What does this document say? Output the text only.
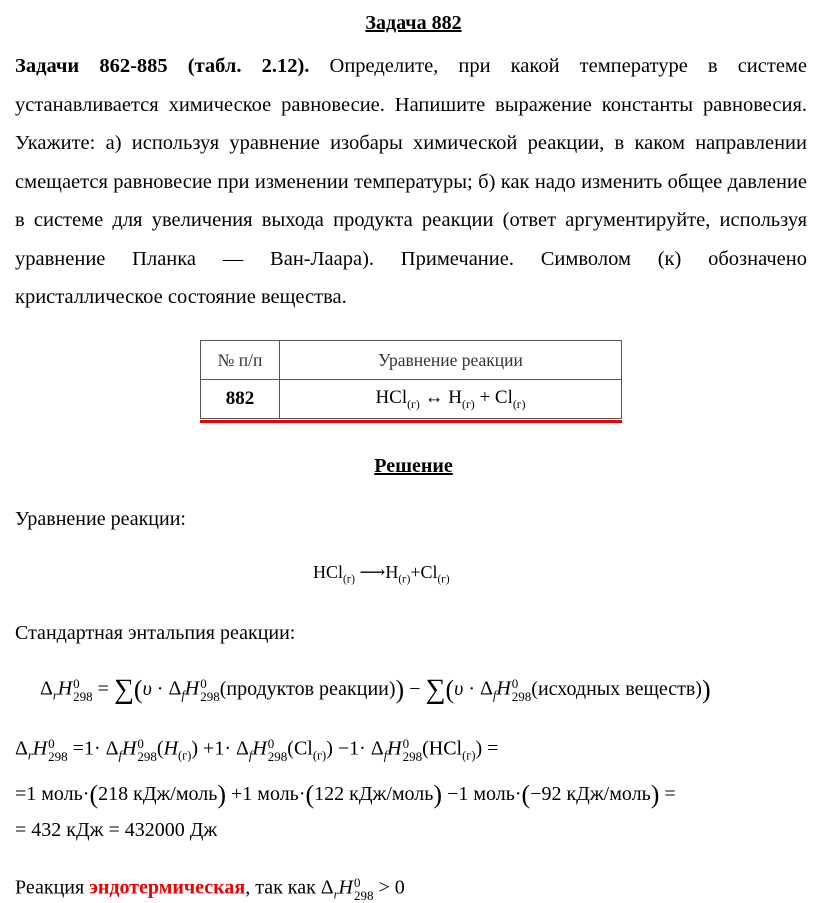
Задача 882
Задачи 862-885 (табл. 2.12). Определите, при какой температуре в системе устанавливается химическое равновесие. Напишите выражение константы равновесия. Укажите: а) используя уравнение изобары химической реакции, в каком направлении смещается равновесие при изменении температуры; б) как надо изменить общее давление в системе для увеличения выхода продукта реакции (ответ аргументируйте, используя уравнение Планка — Ван-Лаара). Примечание. Символом (к) обозначено кристаллическое состояние вещества.
№ п/п	Уравнение реакции
882	HCl$_{(г)}$ ↔ $H_{(г)} + Cl_{(г)}$
Решение
Уравнение реакции:
HCl$_{(г)}$ $⟶H_{(г)}+Cl_{(г)}$
Стандартная энтальпия реакции:
$\Delta_rH$ 0
$298 = \sum(\upsilon \cdot \Delta_fH$ 0
298 (продуктов реакции)) − $\sum(\upsilon \cdot \Delta_fH$ 0
298 (исходных веществ))
$\Delta_rH$ 0
$298 =1\cdot \Delta_fH$ 0
298 $(H_{(г)}) +1\cdot \Delta_fH$ 0
298 $(Cl_{(г)}) -1\cdot \Delta_fH$ 0
298 (HCl$_{(г)}$) =
=1 моль·(218 кДж/моль) +1 моль·(122 кДж/моль) −1 моль·(−92 кДж/моль) =
= 432 кДж = 432000 Дж
Реакция эндотермическая, так как $\Delta_rH$ 0
298 > 0
